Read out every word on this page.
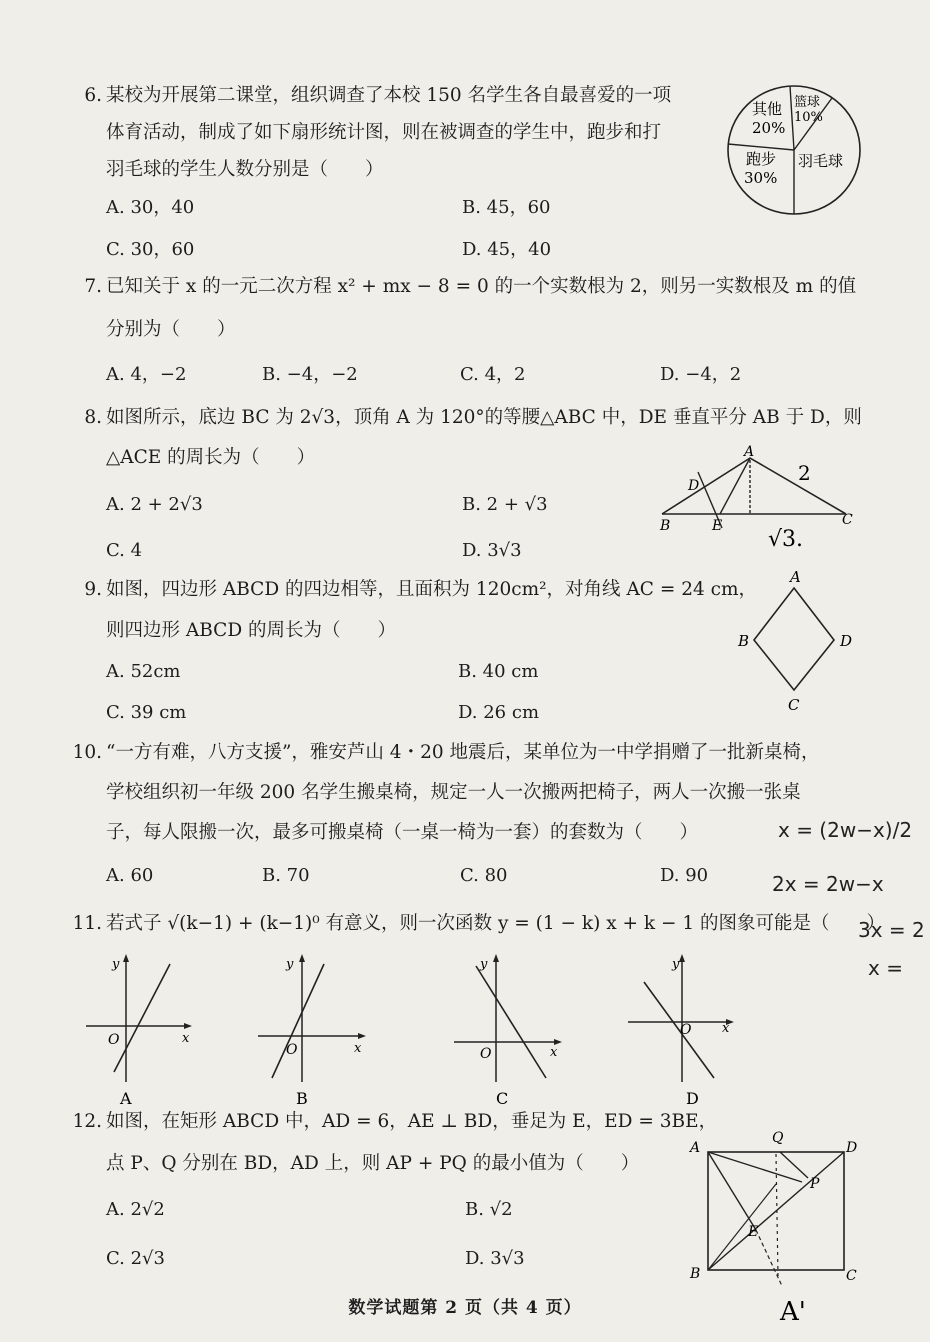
6. 某校为开展第二课堂，组织调查了本校 150 名学生各自最喜爱的一项
体育活动，制成了如下扇形统计图，则在被调查的学生中，跑步和打
羽毛球的学生人数分别是（　　）
A. 30，40	B. 45，60
C. 30，60	D. 45，40
其他
20%
篮球
10%
跑步
30%
羽毛球
7. 已知关于 x 的一元二次方程 x² + mx − 8 = 0 的一个实数根为 2，则另一实数根及 m 的值
分别为（　　）
A. 4，−2	B. −4，−2	C. 4，2	D. −4，2
8. 如图所示，底边 BC 为 2√3，顶角 A 为 120°的等腰△ABC 中，DE 垂直平分 AB 于 D，则
△ACE 的周长为（　　）
A. 2 + 2√3	B. 2 + √3
C. 4	D. 3√3
A
D
B	E	C
2
√3.
9. 如图，四边形 ABCD 的四边相等，且面积为 120cm²，对角线 AC = 24 cm，
则四边形 ABCD 的周长为（　　）
A. 52cm	B. 40 cm
C. 39 cm	D. 26 cm
A
B	D
C
10. “一方有难，八方支援”，雅安芦山 4・20 地震后，某单位为一中学捐赠了一批新桌椅，
学校组织初一年级 200 名学生搬桌椅，规定一人一次搬两把椅子，两人一次搬一张桌
子，每人限搬一次，最多可搬桌椅（一桌一椅为一套）的套数为（　　）
A. 60	B. 70	C. 80	D. 90
x = (2w−x)/2
2x = 2w−x
3x = 2
x =
11. 若式子 √(k−1) + (k−1)⁰ 有意义，则一次函数 y = (1 − k) x + k − 1 的图象可能是（　　）
y
x
O
A
y
x
O
B
y
x
O
C
y
x
O
D
12. 如图，在矩形 ABCD 中，AD = 6，AE ⊥ BD，垂足为 E，ED = 3BE，
点 P、Q 分别在 BD，AD 上，则 AP + PQ 的最小值为（　　）
A. 2√2	B. √2
C. 2√3	D. 3√3
A
Q
D
P
E
B	C
A'
数学试题第 2 页（共 4 页）
